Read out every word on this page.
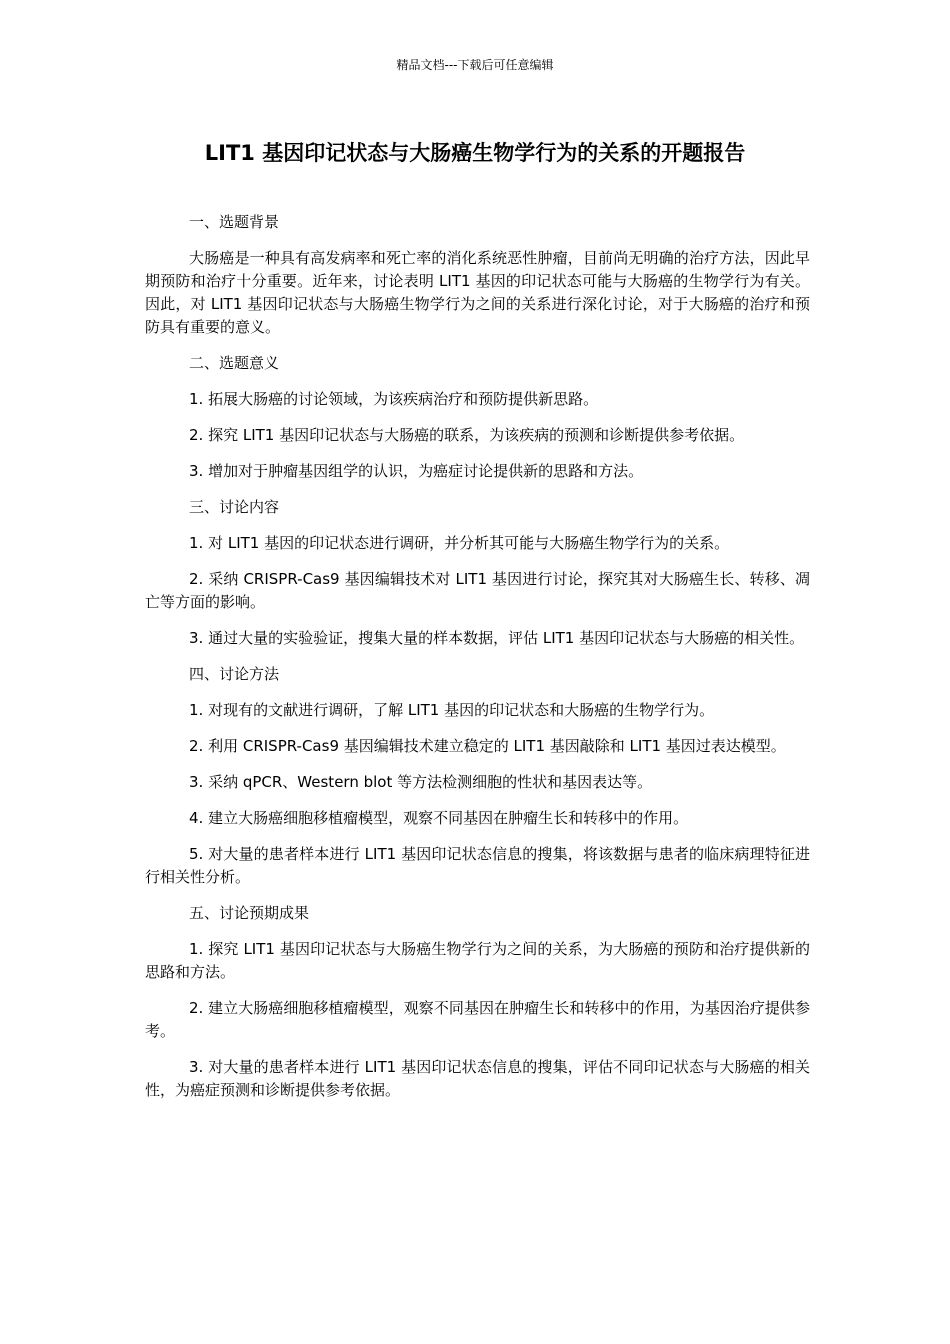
精品文档---下载后可任意编辑
LIT1 基因印记状态与大肠癌生物学行为的关系的开题报告

一、选题背景

大肠癌是一种具有高发病率和死亡率的消化系统恶性肿瘤，目前尚无明确的治疗方法，因此早期预防和治疗十分重要。近年来，讨论表明 LIT1 基因的印记状态可能与大肠癌的生物学行为有关。因此，对 LIT1 基因印记状态与大肠癌生物学行为之间的关系进行深化讨论，对于大肠癌的治疗和预防具有重要的意义。

二、选题意义

1. 拓展大肠癌的讨论领域，为该疾病治疗和预防提供新思路。

2. 探究 LIT1 基因印记状态与大肠癌的联系，为该疾病的预测和诊断提供参考依据。

3. 增加对于肿瘤基因组学的认识，为癌症讨论提供新的思路和方法。

三、讨论内容

1. 对 LIT1 基因的印记状态进行调研，并分析其可能与大肠癌生物学行为的关系。

2. 采纳 CRISPR-Cas9 基因编辑技术对 LIT1 基因进行讨论，探究其对大肠癌生长、转移、凋亡等方面的影响。

3. 通过大量的实验验证，搜集大量的样本数据，评估 LIT1 基因印记状态与大肠癌的相关性。

四、讨论方法

1. 对现有的文献进行调研，了解 LIT1 基因的印记状态和大肠癌的生物学行为。

2. 利用 CRISPR-Cas9 基因编辑技术建立稳定的 LIT1 基因敲除和 LIT1 基因过表达模型。

3. 采纳 qPCR、Western blot 等方法检测细胞的性状和基因表达等。

4. 建立大肠癌细胞移植瘤模型，观察不同基因在肿瘤生长和转移中的作用。

5. 对大量的患者样本进行 LIT1 基因印记状态信息的搜集，将该数据与患者的临床病理特征进行相关性分析。

五、讨论预期成果

1. 探究 LIT1 基因印记状态与大肠癌生物学行为之间的关系，为大肠癌的预防和治疗提供新的思路和方法。

2. 建立大肠癌细胞移植瘤模型，观察不同基因在肿瘤生长和转移中的作用，为基因治疗提供参考。

3. 对大量的患者样本进行 LIT1 基因印记状态信息的搜集，评估不同印记状态与大肠癌的相关性，为癌症预测和诊断提供参考依据。
